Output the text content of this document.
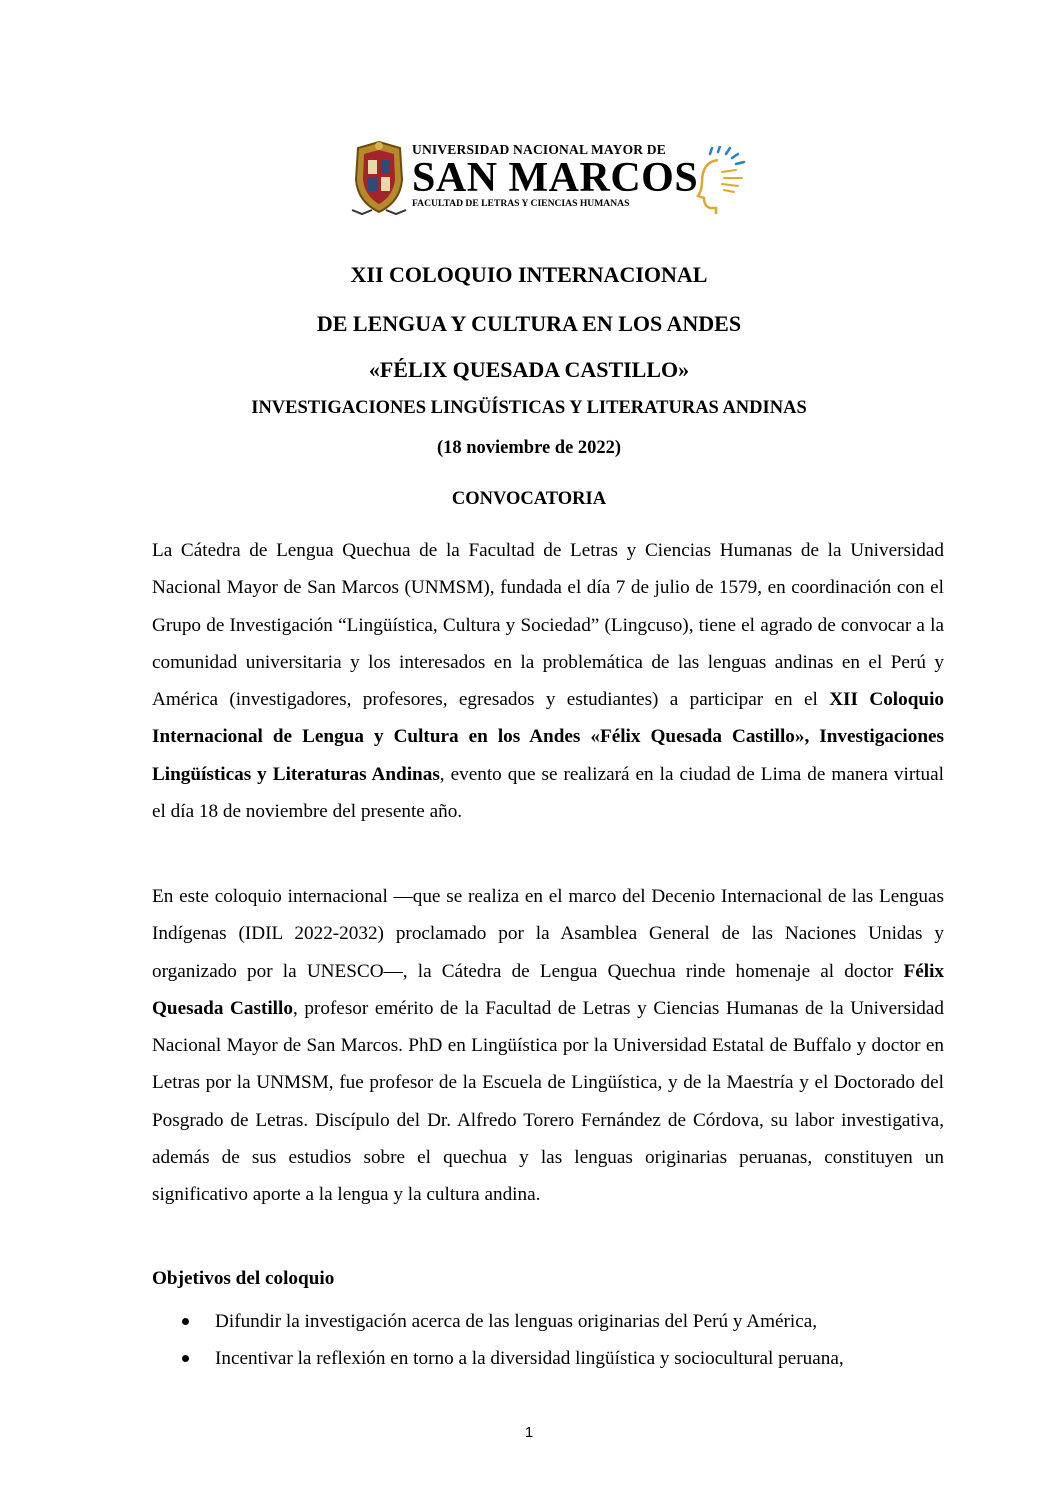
UNIVERSIDAD NACIONAL MAYOR DE
SAN MARCOS
FACULTAD DE LETRAS Y CIENCIAS HUMANAS
XII COLOQUIO INTERNACIONAL
DE LENGUA Y CULTURA EN LOS ANDES
«FÉLIX QUESADA CASTILLO»
INVESTIGACIONES LINGÜÍSTICAS Y LITERATURAS ANDINAS
(18 noviembre de 2022)
CONVOCATORIA

La Cátedra de Lengua Quechua de la Facultad de Letras y Ciencias Humanas de la Universidad Nacional Mayor de San Marcos (UNMSM), fundada el día 7 de julio de 1579, en coordinación con el Grupo de Investigación “Lingüística, Cultura y Sociedad” (Lingcuso), tiene el agrado de convocar a la comunidad universitaria y los interesados en la problemática de las lenguas andinas en el Perú y América (investigadores, profesores, egresados y estudiantes) a participar en el XII Coloquio Internacional de Lengua y Cultura en los Andes «Félix Quesada Castillo», Investigaciones Lingüísticas y Literaturas Andinas, evento que se realizará en la ciudad de Lima de manera virtual el día 18 de noviembre del presente año.

En este coloquio internacional —que se realiza en el marco del Decenio Internacional de las Lenguas Indígenas (IDIL 2022-2032) proclamado por la Asamblea General de las Naciones Unidas y organizado por la UNESCO—, la Cátedra de Lengua Quechua rinde homenaje al doctor Félix Quesada Castillo, profesor emérito de la Facultad de Letras y Ciencias Humanas de la Universidad Nacional Mayor de San Marcos. PhD en Lingüística por la Universidad Estatal de Buffalo y doctor en Letras por la UNMSM, fue profesor de la Escuela de Lingüística, y de la Maestría y el Doctorado del Posgrado de Letras. Discípulo del Dr. Alfredo Torero Fernández de Córdova, su labor investigativa, además de sus estudios sobre el quechua y las lenguas originarias peruanas, constituyen un significativo aporte a la lengua y la cultura andina.

Objetivos del coloquio

Difundir la investigación acerca de las lenguas originarias del Perú y América,
Incentivar la reflexión en torno a la diversidad lingüística y sociocultural peruana,
1
